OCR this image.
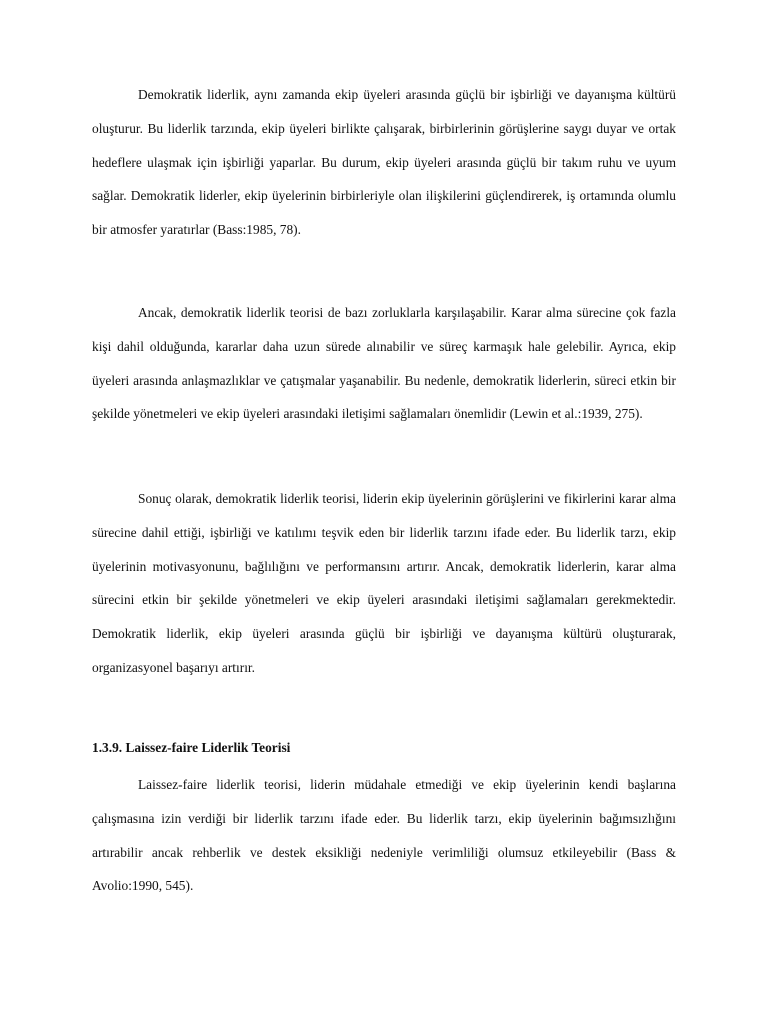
Demokratik liderlik, aynı zamanda ekip üyeleri arasında güçlü bir işbirliği ve dayanışma kültürü oluşturur. Bu liderlik tarzında, ekip üyeleri birlikte çalışarak, birbirlerinin görüşlerine saygı duyar ve ortak hedeflere ulaşmak için işbirliği yaparlar. Bu durum, ekip üyeleri arasında güçlü bir takım ruhu ve uyum sağlar. Demokratik liderler, ekip üyelerinin birbirleriyle olan ilişkilerini güçlendirerek, iş ortamında olumlu bir atmosfer yaratırlar (Bass:1985, 78).

Ancak, demokratik liderlik teorisi de bazı zorluklarla karşılaşabilir. Karar alma sürecine çok fazla kişi dahil olduğunda, kararlar daha uzun sürede alınabilir ve süreç karmaşık hale gelebilir. Ayrıca, ekip üyeleri arasında anlaşmazlıklar ve çatışmalar yaşanabilir. Bu nedenle, demokratik liderlerin, süreci etkin bir şekilde yönetmeleri ve ekip üyeleri arasındaki iletişimi sağlamaları önemlidir (Lewin et al.:1939, 275).

Sonuç olarak, demokratik liderlik teorisi, liderin ekip üyelerinin görüşlerini ve fikirlerini karar alma sürecine dahil ettiği, işbirliği ve katılımı teşvik eden bir liderlik tarzını ifade eder. Bu liderlik tarzı, ekip üyelerinin motivasyonunu, bağlılığını ve performansını artırır. Ancak, demokratik liderlerin, karar alma sürecini etkin bir şekilde yönetmeleri ve ekip üyeleri arasındaki iletişimi sağlamaları gerekmektedir. Demokratik liderlik, ekip üyeleri arasında güçlü bir işbirliği ve dayanışma kültürü oluşturarak, organizasyonel başarıyı artırır.

1.3.9. Laissez-faire Liderlik Teorisi

Laissez-faire liderlik teorisi, liderin müdahale etmediği ve ekip üyelerinin kendi başlarına çalışmasına izin verdiği bir liderlik tarzını ifade eder. Bu liderlik tarzı, ekip üyelerinin bağımsızlığını artırabilir ancak rehberlik ve destek eksikliği nedeniyle verimliliği olumsuz etkileyebilir (Bass & Avolio:1990, 545).
